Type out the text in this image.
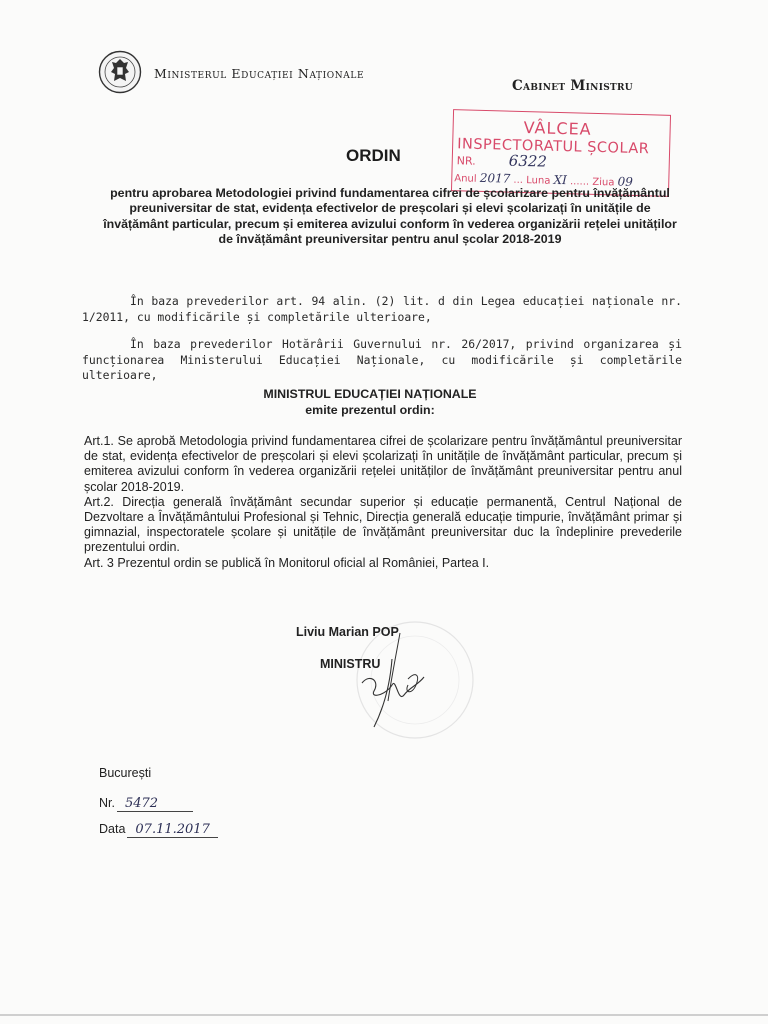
Ministerul Educației Naționale
Cabinet Ministru
VÂLCEA
INSPECTORATUL ȘCOLAR
NR. 6322
Anul 2017 ... Luna XI ...... Ziua 09
ORDIN
pentru aprobarea Metodologiei privind fundamentarea cifrei de școlarizare pentru învățământul preuniversitar de stat, evidența efectivelor de preșcolari și elevi școlarizați în unitățile de învățământ particular, precum și emiterea avizului conform în vederea organizării rețelei unităților de învățământ preuniversitar pentru anul școlar 2018-2019
În baza prevederilor art. 94 alin. (2) lit. d din Legea educației naționale nr. 1/2011, cu modificările și completările ulterioare,
În baza prevederilor Hotărârii Guvernului nr. 26/2017, privind organizarea și funcționarea Ministerului Educației Naționale, cu modificările și completările ulterioare,
MINISTRUL EDUCAȚIEI NAȚIONALE
emite prezentul ordin:

Art.1. Se aprobă Metodologia privind fundamentarea cifrei de școlarizare pentru învățământul preuniversitar de stat, evidența efectivelor de preșcolari și elevi școlarizați în unitățile de învățământ particular, precum și emiterea avizului conform în vederea organizării rețelei unităților de învățământ preuniversitar pentru anul școlar 2018-2019.

Art.2. Direcția generală învățământ secundar superior și educație permanentă, Centrul Național de Dezvoltare a Învățământului Profesional și Tehnic, Direcția generală educație timpurie, învățământ primar și gimnazial, inspectoratele școlare și unitățile de învățământ preuniversitar duc la îndeplinire prevederile prezentului ordin.

Art. 3 Prezentul ordin se publică în Monitorul oficial al României, Partea I.

Liviu Marian POP
MINISTRU
București
Nr. 5472
Data 07.11.2017
